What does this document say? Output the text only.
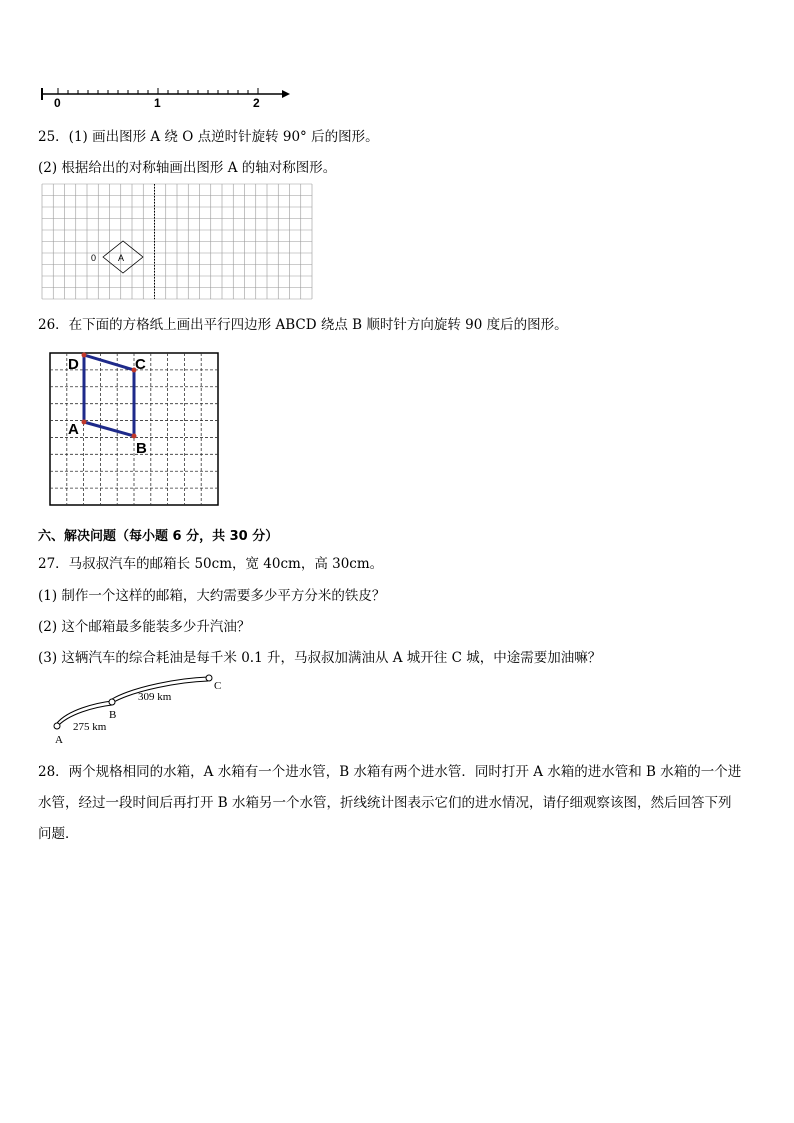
0	1	2
25．(1) 画出图形 A 绕 O 点逆时针旋转 90° 后的图形。
(2) 根据给出的对称轴画出图形 A 的轴对称图形。
A
0
26．在下面的方格纸上画出平行四边形 ABCD 绕点 B 顺时针方向旋转 90 度后的图形。
D	C
A
B
六、解决问题（每小题 6 分，共 30 分）
27．马叔叔汽车的邮箱长 50cm，宽 40cm，高 30cm。
(1) 制作一个这样的邮箱，大约需要多少平方分米的铁皮？
(2) 这个邮箱最多能装多少升汽油？
(3) 这辆汽车的综合耗油是每千米 0.1 升，马叔叔加满油从 A 城开往 C 城，中途需要加油嘛？
A
B
C
275 km
309 km
28．两个规格相同的水箱，A 水箱有一个进水管，B 水箱有两个进水管．同时打开 A 水箱的进水管和 B 水箱的一个进
水管，经过一段时间后再打开 B 水箱另一个水管，折线统计图表示它们的进水情况，请仔细观察该图，然后回答下列
问题．
